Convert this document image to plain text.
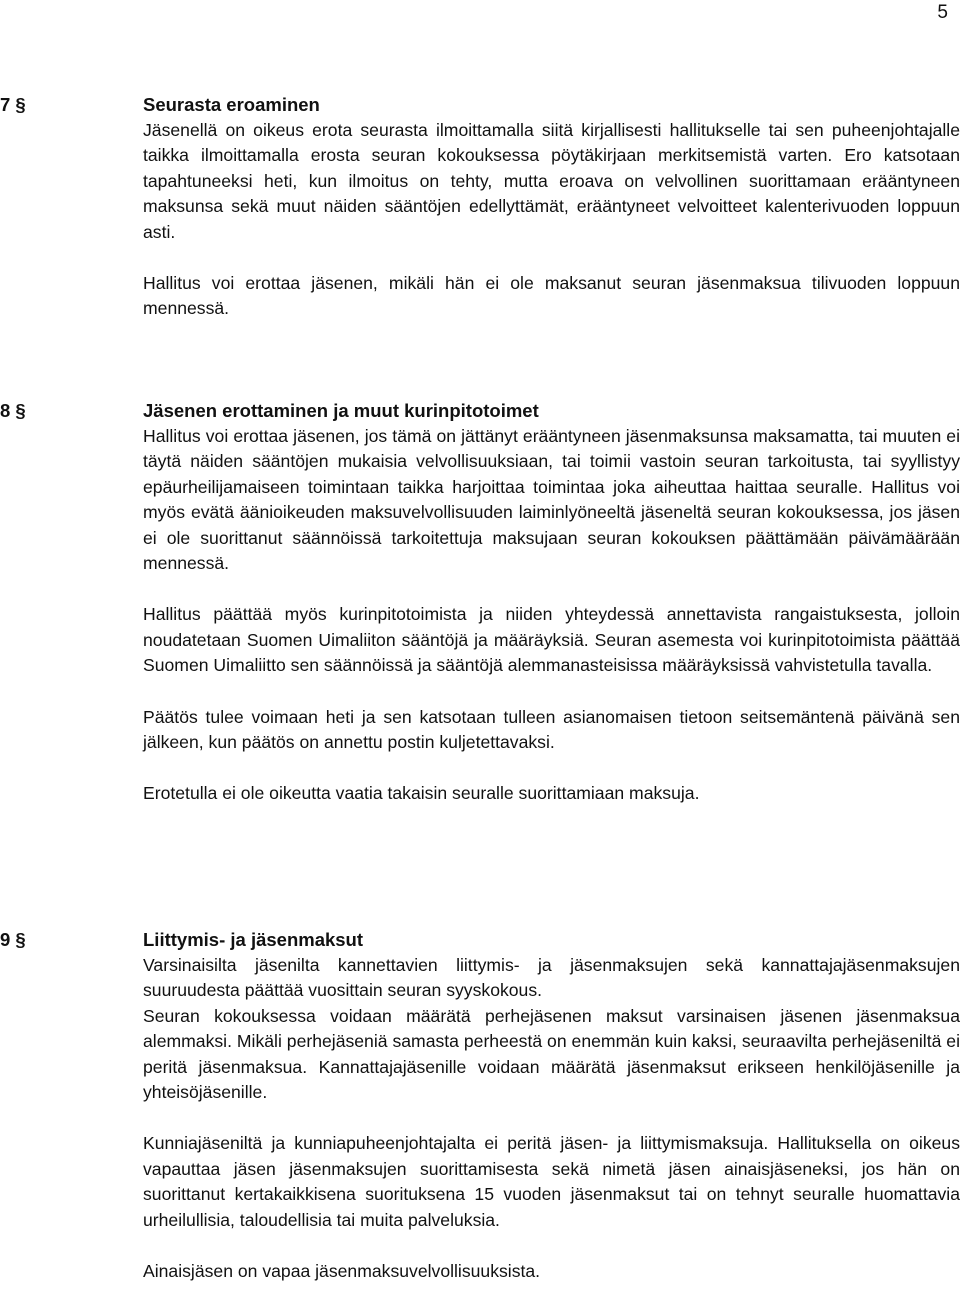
5
7 §	Seurasta eroaminen

Jäsenellä on oikeus erota seurasta ilmoittamalla siitä kirjallisesti hallitukselle tai sen puheenjohtajalle taikka ilmoittamalla erosta seuran kokouksessa pöytäkirjaan merkitsemistä varten. Ero katsotaan tapahtuneeksi heti, kun ilmoitus on tehty, mutta eroava on velvollinen suorittamaan erääntyneen maksunsa sekä muut näiden sääntöjen edellyttämät, erääntyneet velvoitteet kalenterivuoden loppuun asti.

Hallitus voi erottaa jäsenen, mikäli hän ei ole maksanut seuran jäsenmaksua tilivuoden loppuun mennessä.

8 §	Jäsenen erottaminen ja muut kurinpitotoimet

Hallitus voi erottaa jäsenen, jos tämä on jättänyt erääntyneen jäsenmaksunsa maksamatta, tai muuten ei täytä näiden sääntöjen mukaisia velvollisuuksiaan, tai toimii vastoin seuran tarkoitusta, tai syyllistyy epäurheilijamaiseen toimintaan taikka harjoittaa toimintaa joka aiheuttaa haittaa seuralle. Hallitus voi myös evätä äänioikeuden maksuvelvollisuuden laiminlyöneeltä jäseneltä seuran kokouksessa, jos jäsen ei ole suorittanut säännöissä tarkoitettuja maksujaan seuran kokouksen päättämään päivämäärään mennessä.

Hallitus päättää myös kurinpitotoimista ja niiden yhteydessä annettavista rangaistuksesta, jolloin noudatetaan Suomen Uimaliiton sääntöjä ja määräyksiä. Seuran asemesta voi kurinpitotoimista päättää Suomen Uimaliitto sen säännöissä ja sääntöjä alemmanasteisissa määräyksissä vahvistetulla tavalla.

Päätös tulee voimaan heti ja sen katsotaan tulleen asianomaisen tietoon seitsemäntenä päivänä sen jälkeen, kun päätös on annettu postin kuljetettavaksi.

Erotetulla ei ole oikeutta vaatia takaisin seuralle suorittamiaan maksuja.

9 §	Liittymis- ja jäsenmaksut

Varsinaisilta jäsenilta kannettavien liittymis- ja jäsenmaksujen sekä kannattajajäsenmaksujen suuruudesta päättää vuosittain seuran syyskokous.

Seuran kokouksessa voidaan määrätä perhejäsenen maksut varsinaisen jäsenen jäsenmaksua alemmaksi. Mikäli perhejäseniä samasta perheestä on enemmän kuin kaksi, seuraavilta perhejäseniltä ei peritä jäsenmaksua. Kannattajajäsenille voidaan määrätä jäsenmaksut erikseen henkilöjäsenille ja yhteisöjäsenille.

Kunniajäseniltä ja kunniapuheenjohtajalta ei peritä jäsen- ja liittymismaksuja. Hallituksella on oikeus vapauttaa jäsen jäsenmaksujen suorittamisesta sekä nimetä jäsen ainaisjäseneksi, jos hän on suorittanut kertakaikkisena suorituksena 15 vuoden jäsenmaksut tai on tehnyt seuralle huomattavia urheilullisia, taloudellisia tai muita palveluksia.

Ainaisjäsen on vapaa jäsenmaksuvelvollisuuksista.
